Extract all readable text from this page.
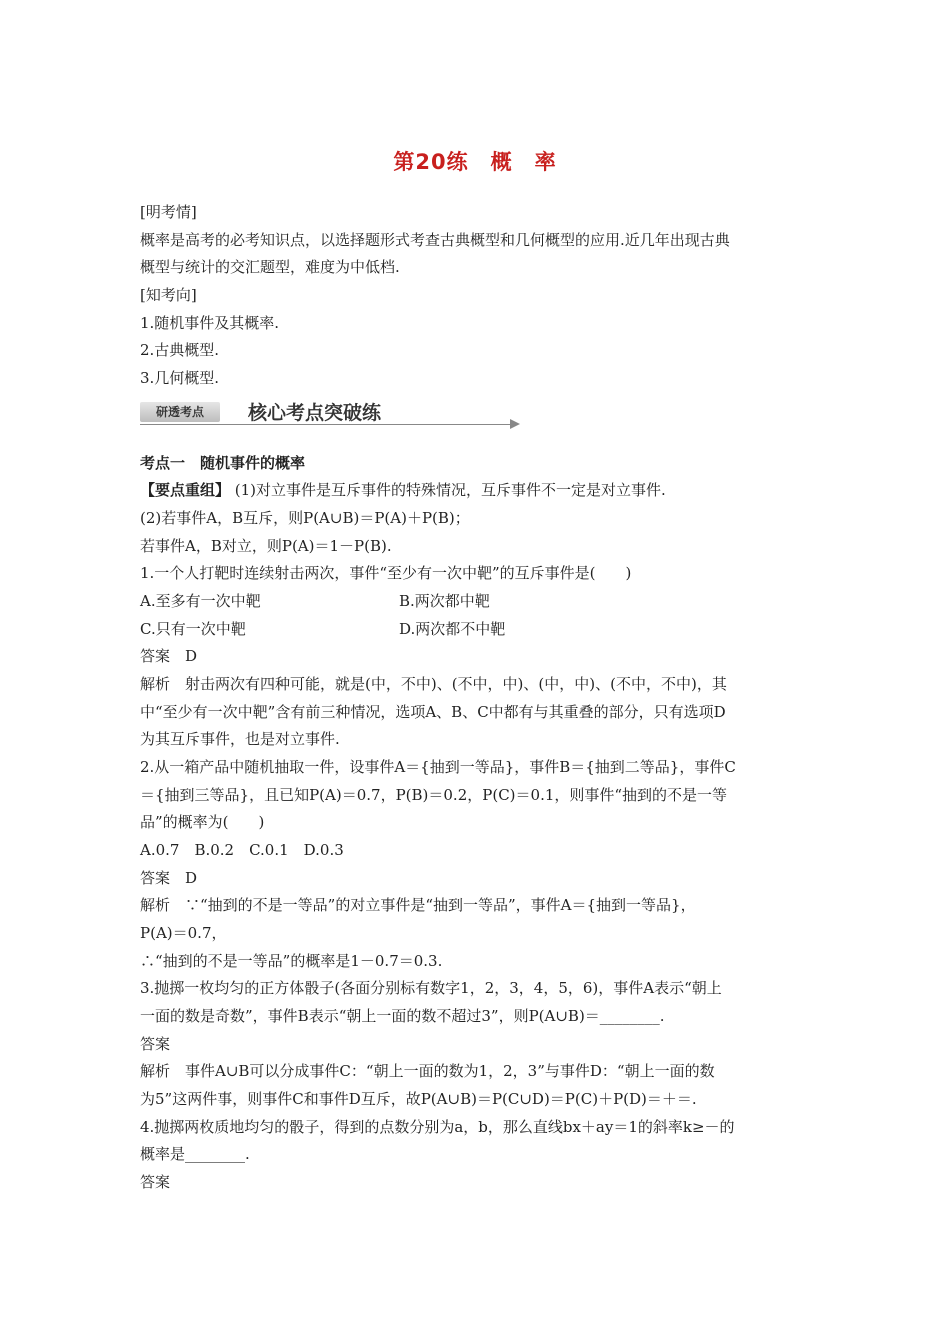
第20练　概　率
[明考情]
概率是高考的必考知识点，以选择题形式考查古典概型和几何概型的应用.近几年出现古典
概型与统计的交汇题型，难度为中低档.
[知考向]
1.随机事件及其概率.
2.古典概型.
3.几何概型.
研透考点	核心考点突破练
考点一　随机事件的概率
【要点重组】 (1)对立事件是互斥事件的特殊情况，互斥事件不一定是对立事件.
(2)若事件A，B互斥，则P(A∪B)＝P(A)＋P(B)；
若事件A，B对立，则P(A)＝1－P(B).
1.一个人打靶时连续射击两次，事件“至少有一次中靶”的互斥事件是(　　)
A.至多有一次中靶	B.两次都中靶
C.只有一次中靶	D.两次都不中靶
答案　D
解析　射击两次有四种可能，就是(中，不中)、(不中，中)、(中，中)、(不中，不中)，其
中“至少有一次中靶”含有前三种情况，选项A、B、C中都有与其重叠的部分，只有选项D
为其互斥事件，也是对立事件.
2.从一箱产品中随机抽取一件，设事件A＝{抽到一等品}，事件B＝{抽到二等品}，事件C
＝{抽到三等品}，且已知P(A)＝0.7，P(B)＝0.2，P(C)＝0.1，则事件“抽到的不是一等
品”的概率为(　　)
A.0.7　B.0.2　C.0.1　D.0.3
答案　D
解析　∵“抽到的不是一等品”的对立事件是“抽到一等品”，事件A＝{抽到一等品}，
P(A)＝0.7，
∴“抽到的不是一等品”的概率是1－0.7＝0.3.
3.抛掷一枚均匀的正方体骰子(各面分别标有数字1，2，3，4，5，6)，事件A表示“朝上
一面的数是奇数”，事件B表示“朝上一面的数不超过3”，则P(A∪B)＝________.
答案
解析　事件A∪B可以分成事件C：“朝上一面的数为1，2，3”与事件D：“朝上一面的数
为5”这两件事，则事件C和事件D互斥，故P(A∪B)＝P(C∪D)＝P(C)＋P(D)＝＋＝.
4.抛掷两枚质地均匀的骰子，得到的点数分别为a，b，那么直线bx＋ay＝1的斜率k≥－的
概率是________.
答案
